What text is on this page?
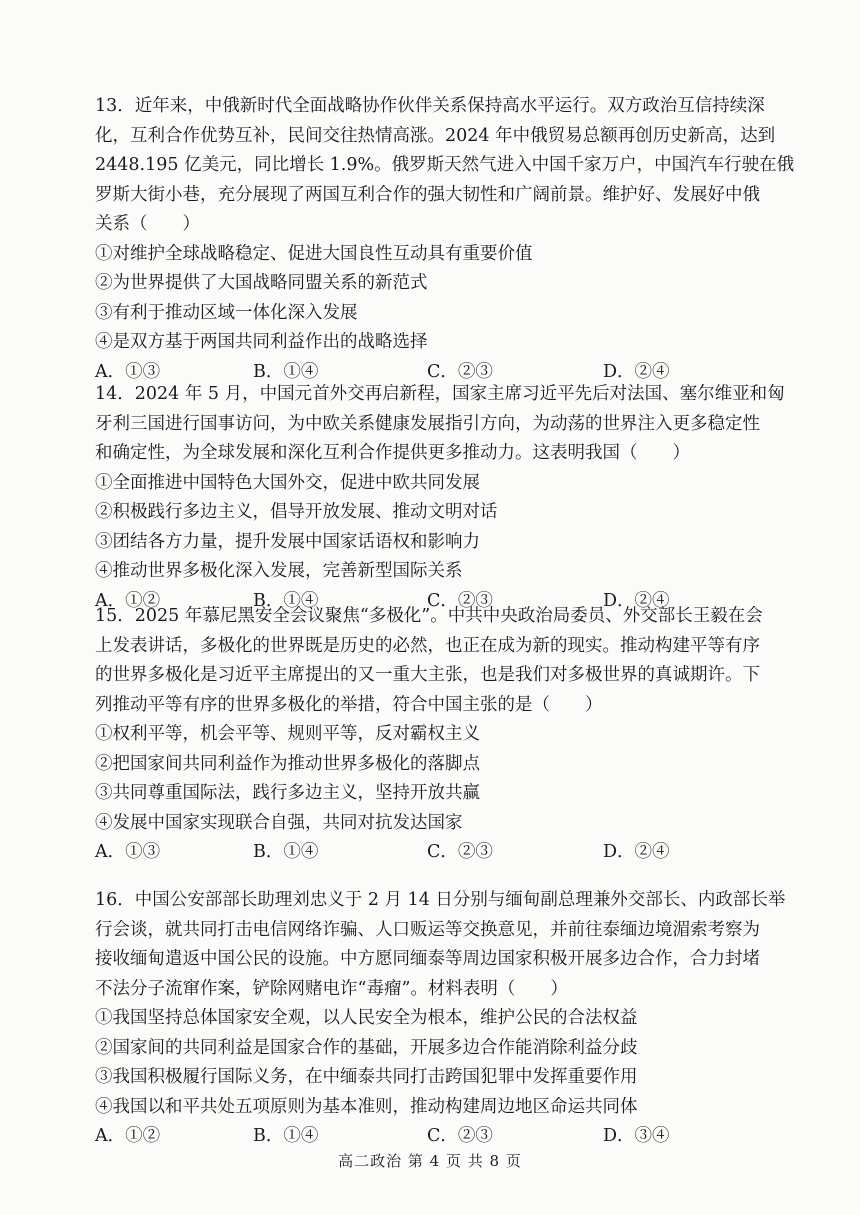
13．近年来，中俄新时代全面战略协作伙伴关系保持高水平运行。双方政治互信持续深
化，互利合作优势互补，民间交往热情高涨。2024 年中俄贸易总额再创历史新高，达到
2448.195 亿美元，同比增长 1.9%。俄罗斯天然气进入中国千家万户，中国汽车行驶在俄
罗斯大街小巷，充分展现了两国互利合作的强大韧性和广阔前景。维护好、发展好中俄
关系（　　）
①对维护全球战略稳定、促进大国良性互动具有重要价值
②为世界提供了大国战略同盟关系的新范式
③有利于推动区域一体化深入发展
④是双方基于两国共同利益作出的战略选择
A．①③	B．①④	C．②③	D．②④
14．2024 年 5 月，中国元首外交再启新程，国家主席习近平先后对法国、塞尔维亚和匈
牙利三国进行国事访问，为中欧关系健康发展指引方向，为动荡的世界注入更多稳定性
和确定性，为全球发展和深化互利合作提供更多推动力。这表明我国（　　）
①全面推进中国特色大国外交，促进中欧共同发展
②积极践行多边主义，倡导开放发展、推动文明对话
③团结各方力量，提升发展中国家话语权和影响力
④推动世界多极化深入发展，完善新型国际关系
A．①②	B．①④	C．②③	D．②④
15．2025 年慕尼黑安全会议聚焦“多极化”。中共中央政治局委员、外交部长王毅在会
上发表讲话，多极化的世界既是历史的必然，也正在成为新的现实。推动构建平等有序
的世界多极化是习近平主席提出的又一重大主张，也是我们对多极世界的真诚期许。下
列推动平等有序的世界多极化的举措，符合中国主张的是（　　）
①权利平等，机会平等、规则平等，反对霸权主义
②把国家间共同利益作为推动世界多极化的落脚点
③共同尊重国际法，践行多边主义，坚持开放共赢
④发展中国家实现联合自强，共同对抗发达国家
A．①③	B．①④	C．②③	D．②④
16．中国公安部部长助理刘忠义于 2 月 14 日分别与缅甸副总理兼外交部长、内政部长举
行会谈，就共同打击电信网络诈骗、人口贩运等交换意见，并前往泰缅边境湄索考察为
接收缅甸遣返中国公民的设施。中方愿同缅泰等周边国家积极开展多边合作，合力封堵
不法分子流窜作案，铲除网赌电诈“毒瘤”。材料表明（　　）
①我国坚持总体国家安全观，以人民安全为根本，维护公民的合法权益
②国家间的共同利益是国家合作的基础，开展多边合作能消除利益分歧
③我国积极履行国际义务，在中缅泰共同打击跨国犯罪中发挥重要作用
④我国以和平共处五项原则为基本准则，推动构建周边地区命运共同体
A．①②	B．①④	C．②③	D．③④
高二政治 第 4 页 共 8 页
